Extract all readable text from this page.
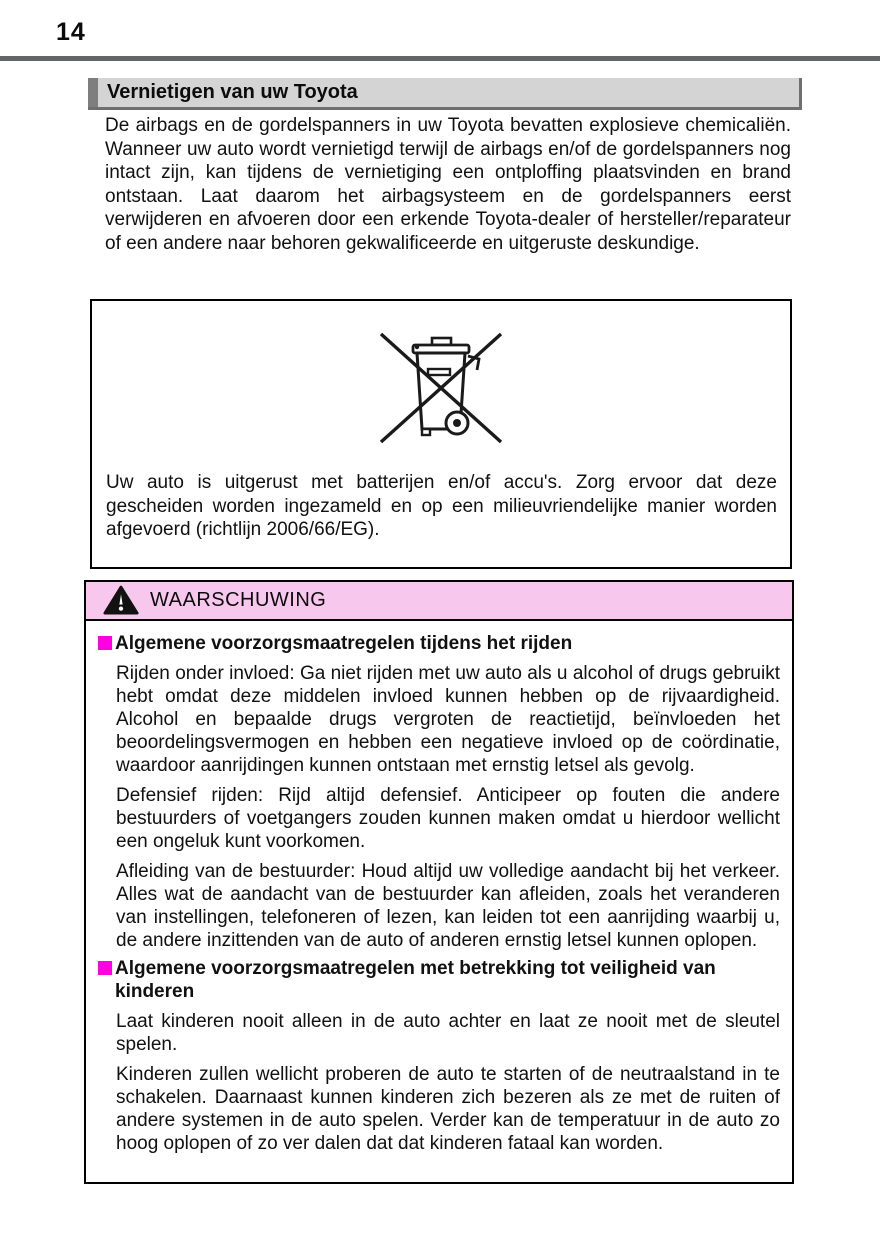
14
Vernietigen van uw Toyota

De airbags en de gordelspanners in uw Toyota bevatten explosieve chemicaliën. Wanneer uw auto wordt vernietigd terwijl de airbags en/of de gordelspanners nog intact zijn, kan tijdens de vernietiging een ontploffing plaatsvinden en brand ontstaan. Laat daarom het airbagsysteem en de gordelspanners eerst verwijderen en afvoeren door een erkende Toyota-dealer of hersteller/reparateur of een andere naar behoren gekwalificeerde en uitgeruste deskundige.

Uw auto is uitgerust met batterijen en/of accu's. Zorg ervoor dat deze gescheiden worden ingezameld en op een milieuvriendelijke manier worden afgevoerd (richtlijn 2006/66/EG).

WAARSCHUWING
Algemene voorzorgsmaatregelen tijdens het rijden

Rijden onder invloed: Ga niet rijden met uw auto als u alcohol of drugs gebruikt hebt omdat deze middelen invloed kunnen hebben op de rijvaardigheid. Alcohol en bepaalde drugs vergroten de reactietijd, beïnvloeden het beoordelingsvermogen en hebben een negatieve invloed op de coördinatie, waardoor aanrijdingen kunnen ontstaan met ernstig letsel als gevolg.

Defensief rijden: Rijd altijd defensief. Anticipeer op fouten die andere bestuurders of voetgangers zouden kunnen maken omdat u hierdoor wellicht een ongeluk kunt voorkomen.

Afleiding van de bestuurder: Houd altijd uw volledige aandacht bij het verkeer. Alles wat de aandacht van de bestuurder kan afleiden, zoals het veranderen van instellingen, telefoneren of lezen, kan leiden tot een aanrijding waarbij u, de andere inzittenden van de auto of anderen ernstig letsel kunnen oplopen.

Algemene voorzorgsmaatregelen met betrekking tot veiligheid van kinderen

Laat kinderen nooit alleen in de auto achter en laat ze nooit met de sleutel spelen.

Kinderen zullen wellicht proberen de auto te starten of de neutraalstand in te schakelen. Daarnaast kunnen kinderen zich bezeren als ze met de ruiten of andere systemen in de auto spelen. Verder kan de temperatuur in de auto zo hoog oplopen of zo ver dalen dat dat kinderen fataal kan worden.
